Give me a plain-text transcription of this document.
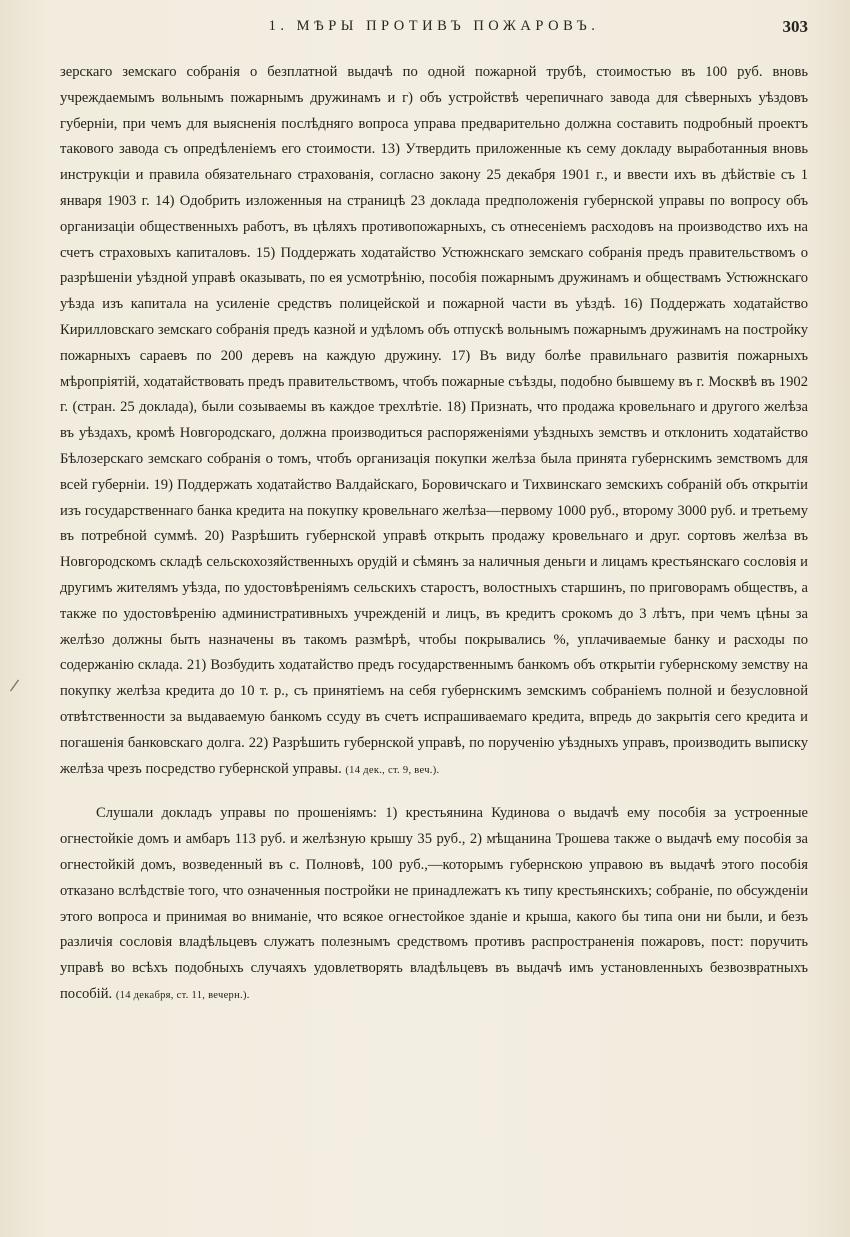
1. МѢРЫ ПРОТИВЪ ПОЖАРОВЪ.	303
/

зерскаго земскаго собранія о безплатной выдачѣ по одной пожарной трубѣ, стоимостью въ 100 руб. вновь учреждаемымъ вольнымъ пожарнымъ дружинамъ и г) объ устройствѣ черепичнаго завода для сѣверныхъ уѣздовъ губерніи, при чемъ для выясненія послѣдняго вопроса управа предварительно должна составить подробный проектъ такового завода съ опредѣленіемъ его стоимости. 13) Утвердить приложенные къ сему докладу выработанныя вновь инструкціи и правила обязательнаго страхованія, согласно закону 25 декабря 1901 г., и ввести ихъ въ дѣйствіе съ 1 января 1903 г. 14) Одобрить изложенныя на страницѣ 23 доклада предположенія губернской управы по вопросу объ организаціи общественныхъ работъ, въ цѣляхъ противопожарныхъ, съ отнесеніемъ расходовъ на производство ихъ на счетъ страховыхъ капиталовъ. 15) Поддержать ходатайство Устюжнскаго земскаго собранія предъ правительствомъ о разрѣшеніи уѣздной управѣ оказывать, по ея усмотрѣнію, пособія пожарнымъ дружинамъ и обществамъ Устюжнскаго уѣзда изъ капитала на усиленіе средствъ полицейской и пожарной части въ уѣздѣ. 16) Поддержать ходатайство Кирилловскаго земскаго собранія предъ казной и удѣломъ объ отпускѣ вольнымъ пожарнымъ дружинамъ на постройку пожарныхъ сараевъ по 200 деревъ на каждую дружину. 17) Въ виду болѣе правильнаго развитія пожарныхъ мѣропріятій, ходатайствовать предъ правительствомъ, чтобъ пожарные съѣзды, подобно бывшему въ г. Москвѣ въ 1902 г. (стран. 25 доклада), были созываемы въ каждое трехлѣтіе. 18) Признать, что продажа кровельнаго и другого желѣза въ уѣздахъ, кромѣ Новгородскаго, должна производиться распоряженіями уѣздныхъ земствъ и отклонить ходатайство Бѣлозерскаго земскаго собранія о томъ, чтобъ организація покупки желѣза была принята губернскимъ земствомъ для всей губерніи. 19) Поддержать ходатайство Валдайскаго, Боровичскаго и Тихвинскаго земскихъ собраній объ открытіи изъ государственнаго банка кредита на покупку кровельнаго желѣза—первому 1000 руб., второму 3000 руб. и третьему въ потребной суммѣ. 20) Разрѣшить губернской управѣ открыть продажу кровельнаго и друг. сортовъ желѣза въ Новгородскомъ складѣ сельскохозяйственныхъ орудій и сѣмянъ за наличныя деньги и лицамъ крестьянскаго сословія и другимъ жителямъ уѣзда, по удостовѣреніямъ сельскихъ старостъ, волостныхъ старшинъ, по приговорамъ обществъ, а также по удостовѣренію административныхъ учрежденій и лицъ, въ кредитъ срокомъ до 3 лѣтъ, при чемъ цѣны за желѣзо должны быть назначены въ такомъ размѣрѣ, чтобы покрывались %, уплачиваемые банку и расходы по содержанію склада. 21) Возбудить ходатайство предъ государственнымъ банкомъ объ открытіи губернскому земству на покупку желѣза кредита до 10 т. р., съ принятіемъ на себя губернскимъ земскимъ собраніемъ полной и безусловной отвѣтственности за выдаваемую банкомъ ссуду въ счетъ испрашиваемаго кредита, впредь до закрытія сего кредита и погашенія банковскаго долга. 22) Разрѣшить губернской управѣ, по порученію уѣздныхъ управъ, производить выписку желѣза чрезъ посредство губернской управы. (14 дек., ст. 9, веч.).

Слушали докладъ управы по прошеніямъ: 1) крестьянина Кудинова о выдачѣ ему пособія за устроенные огнестойкіе домъ и амбаръ 113 руб. и желѣзную крышу 35 руб., 2) мѣщанина Трошева также о выдачѣ ему пособія за огнестойкій домъ, возведенный въ с. Полновѣ, 100 руб.,—которымъ губернскою управою въ выдачѣ этого пособія отказано вслѣдствіе того, что означенныя постройки не принадлежатъ къ типу крестьянскихъ; собраніе, по обсужденіи этого вопроса и принимая во вниманіе, что всякое огнестойкое зданіе и крыша, какого бы типа они ни были, и безъ различія сословія владѣльцевъ служатъ полезнымъ средствомъ противъ распространенія пожаровъ, пост: поручить управѣ во всѣхъ подобныхъ случаяхъ удовлетворять владѣльцевъ въ выдачѣ имъ установленныхъ безвозвратныхъ пособій. (14 декабря, ст. 11, вечерн.).
